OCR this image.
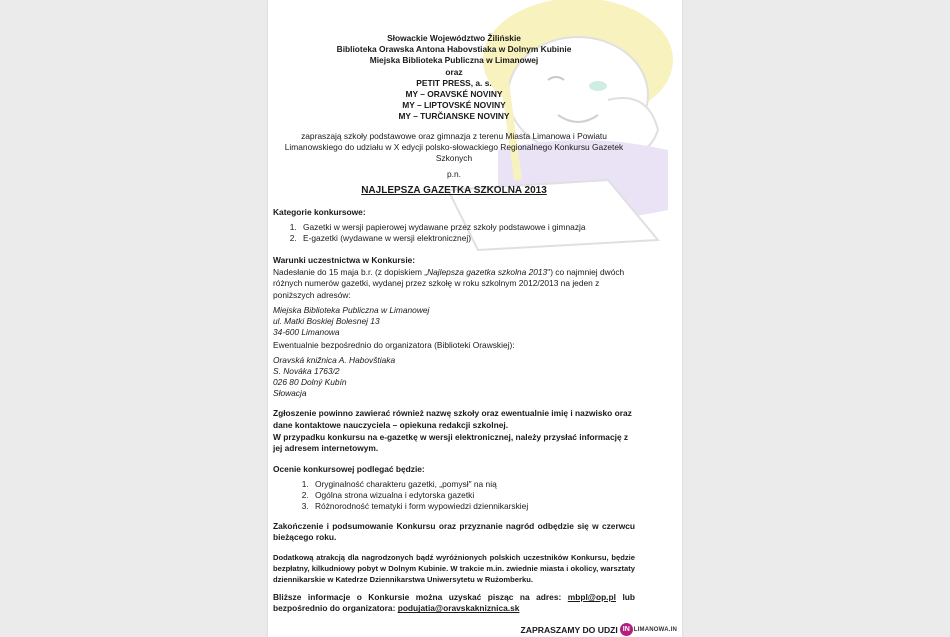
Słowackie Województwo Žilińskie
Biblioteka Orawska Antona Habovstiaka w Dolnym Kubinie
Miejska Biblioteka Publiczna w Limanowej
oraz
PETIT PRESS, a. s.
MY – ORAVSKÉ NOVINY
MY – LIPTOVSKÉ NOVINY
MY – TURČIANSKE NOVINY
zapraszają szkoły podstawowe oraz gimnazja z terenu Miasta Limanowa i Powiatu Limanowskiego do udziału w X edycji polsko-słowackiego Regionalnego Konkursu Gazetek Szkonych
p.n.
NAJLEPSZA GAZETKA SZKOLNA 2013
Kategorie konkursowe:
1. Gazetki w wersji papierowej wydawane przez szkoły podstawowe i gimnazja
2. E-gazetki (wydawane w wersji elektronicznej)
Warunki uczestnictwa w Konkursie:
Nadesłanie do 15 maja b.r. (z dopiskiem „Najlepsza gazetka szkolna 2013") co najmniej dwóch różnych numerów gazetki, wydanej przez szkołę w roku szkolnym 2012/2013 na jeden z poniższych adresów:
Miejska Biblioteka Publiczna w Limanowej
ul. Matki Boskiej Bolesnej 13
34-600 Limanowa
Ewentualnie bezpośrednio do organizatora (Biblioteki Orawskiej):
Oravská knižnica A. Habovštiaka
S. Nováka 1763/2
026 80 Dolný Kubín
Słowacja
Zgłoszenie powinno zawierać również nazwę szkoły oraz ewentualnie imię i nazwisko oraz dane kontaktowe nauczyciela – opiekuna redakcji szkolnej.
W przypadku konkursu na e-gazetkę w wersji elektronicznej, należy przysłać informację z jej adresem internetowym.
Ocenie konkursowej podlegać będzie:
1. Oryginalność charakteru gazetki, „pomysł" na nią
2. Ogólna strona wizualna i edytorska gazetki
3. Różnorodność tematyki i form wypowiedzi dziennikarskiej
Zakończenie i podsumowanie Konkursu oraz przyznanie nagród odbędzie się w czerwcu bieżącego roku.
Dodatkową atrakcją dla nagrodzonych bądź wyróżnionych polskich uczestników Konkursu, będzie bezpłatny, kilkudniowy pobyt w Dolnym Kubinie. W trakcie m.in. zwiednie miasta i okolicy, warsztaty dziennikarskie w Katedrze Dziennikarstwa Uniwersytetu w Rużomberku.
Bliższe informacje o Konkursie można uzyskać pisząc na adres: mbpl@op.pl lub bezpośrednio do organizatora: podujatia@oravskakniznica.sk
ZAPRASZAMY DO UDZI IN LIMANOWA.IN
